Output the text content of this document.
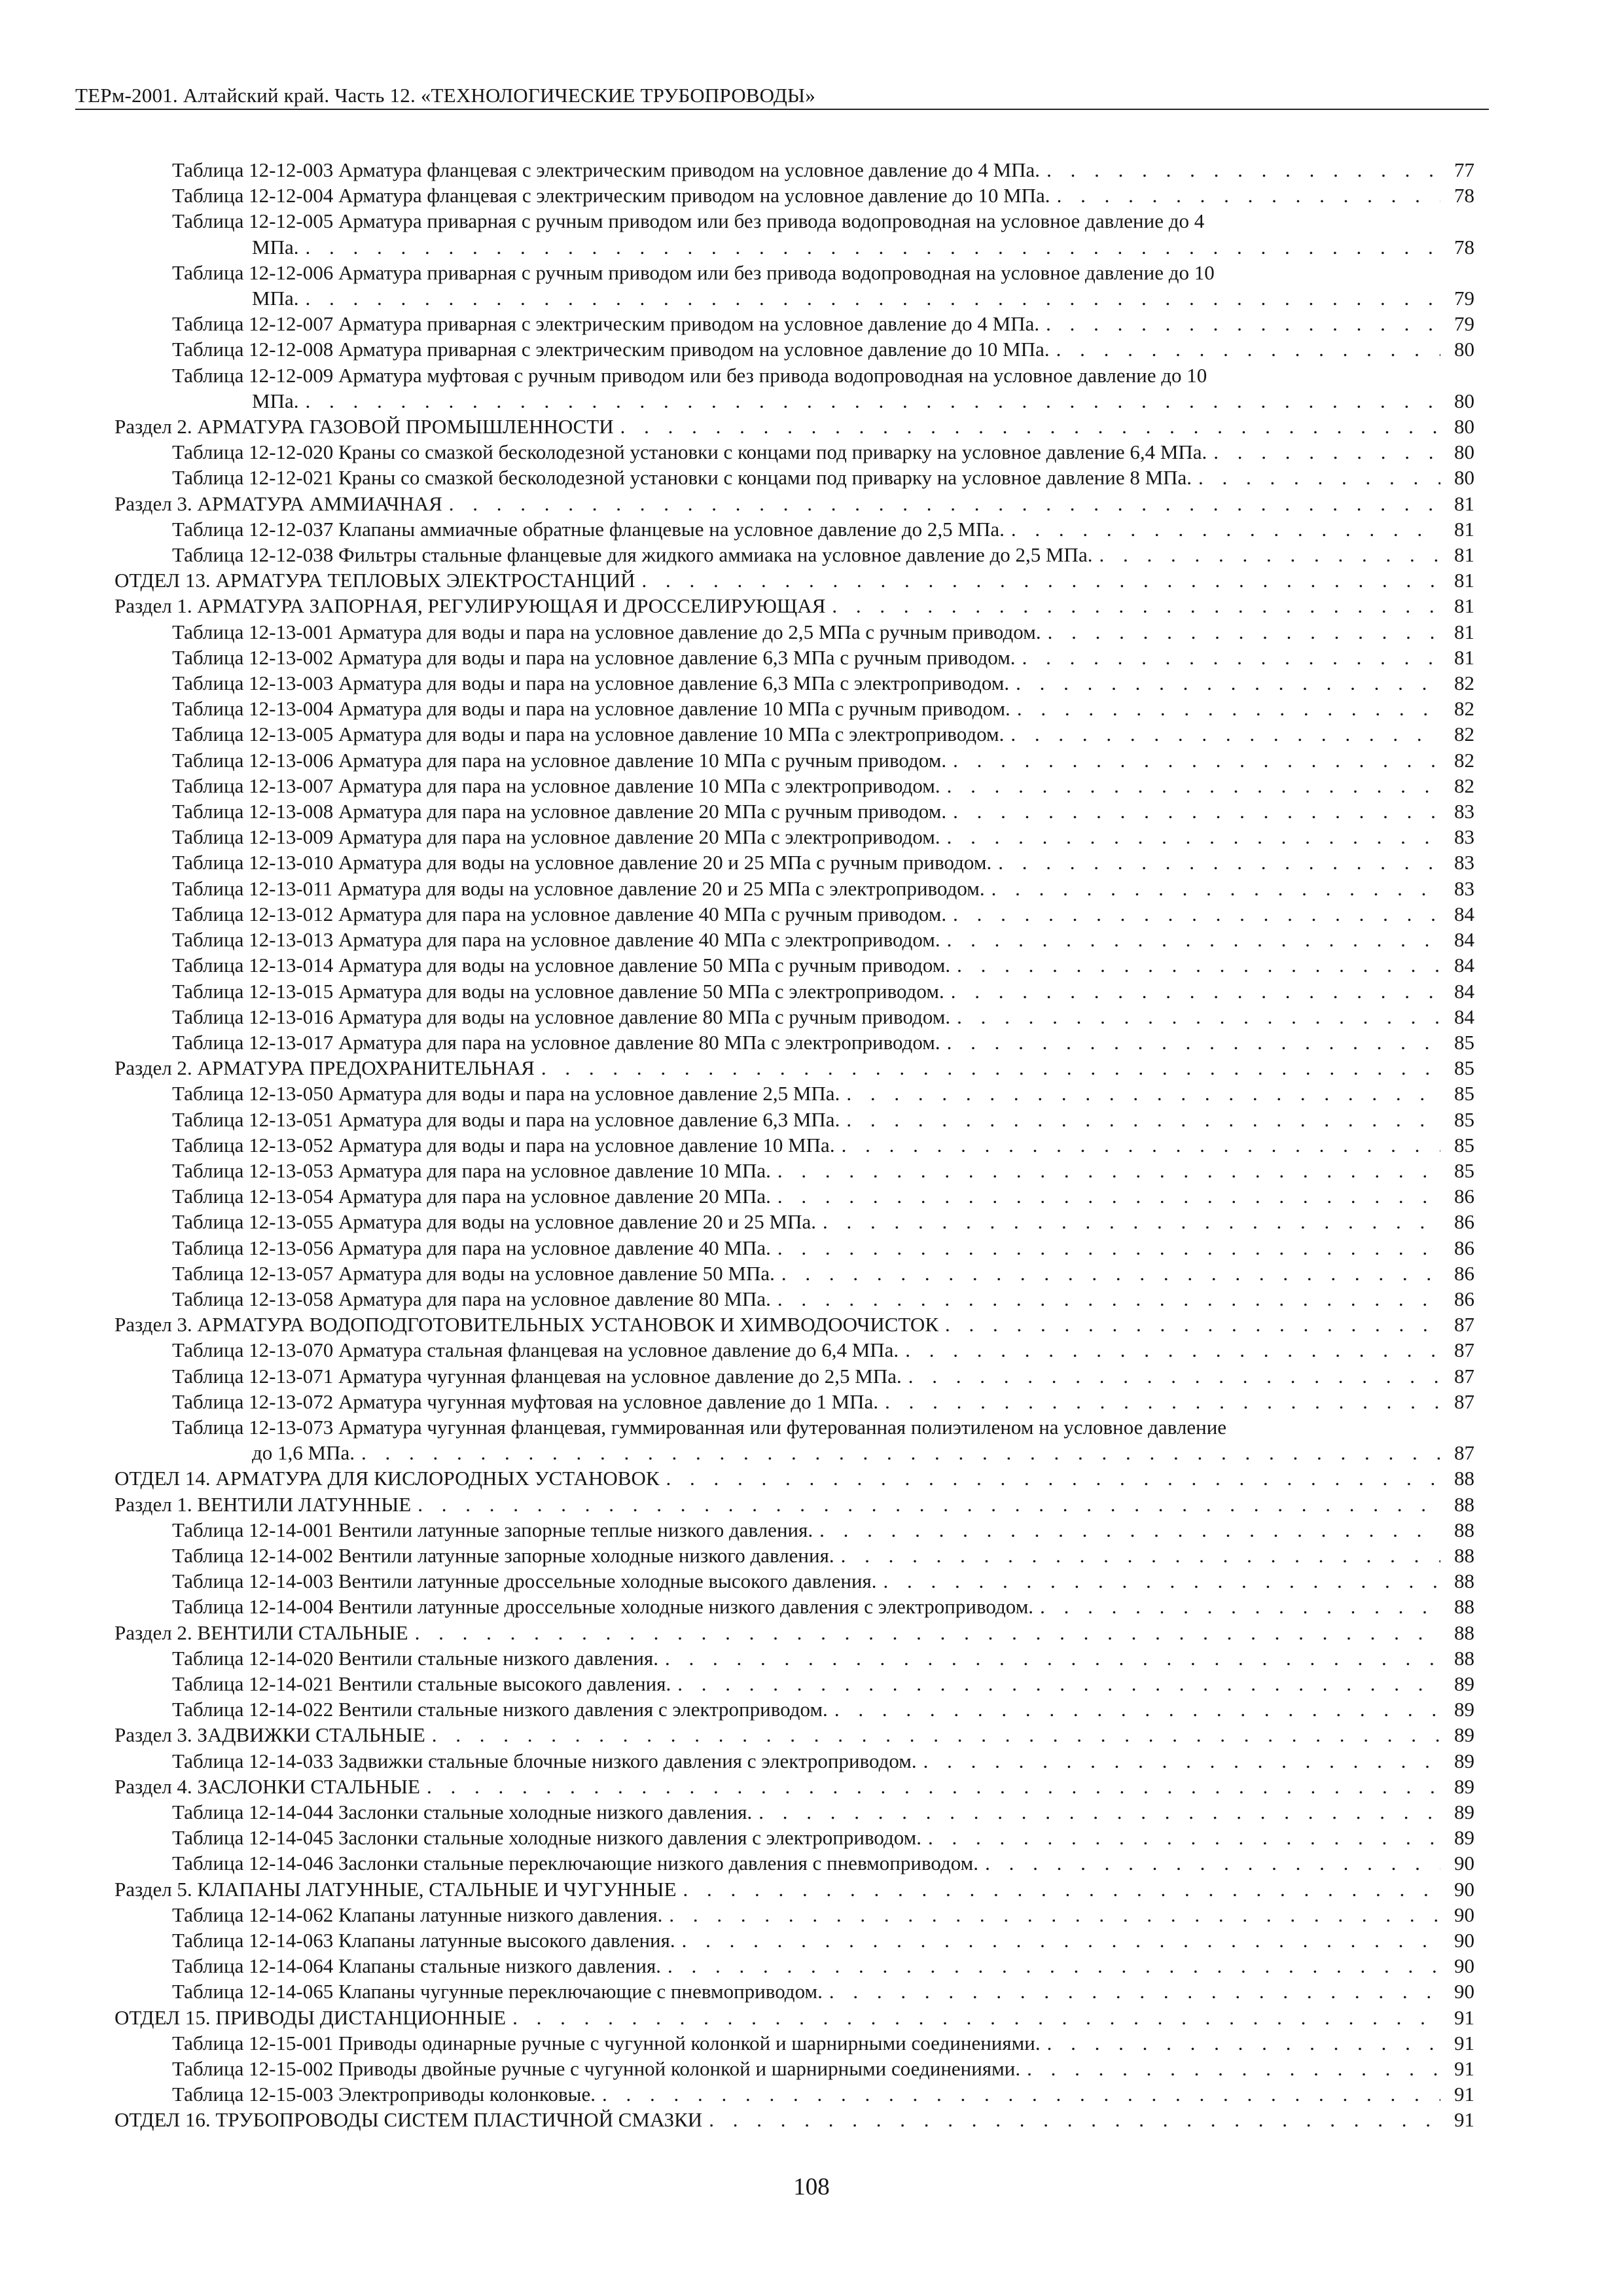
ТЕРм-2001. Алтайский край. Часть 12. «ТЕХНОЛОГИЧЕСКИЕ ТРУБОПРОВОДЫ»
Таблица 12-12-003 Арматура фланцевая с электрическим приводом на условное давление до 4 МПа. . . .	77
Таблица 12-12-004 Арматура фланцевая с электрическим приводом на условное давление до 10 МПа. . . .	78
Таблица 12-12-005 Арматура приварная с ручным приводом или без привода водопроводная на условное давление до 4
МПа. . . .	78
Таблица 12-12-006 Арматура приварная с ручным приводом или без привода водопроводная на условное давление до 10
МПа. . . .	79
Таблица 12-12-007 Арматура приварная с электрическим приводом на условное давление до 4 МПа. . . .	79
Таблица 12-12-008 Арматура приварная с электрическим приводом на условное давление до 10 МПа. . . .	80
Таблица 12-12-009 Арматура муфтовая с ручным приводом или без привода водопроводная на условное давление до 10
МПа. . . .	80
Раздел 2. АРМАТУРА ГАЗОВОЙ ПРОМЫШЛЕННОСТИ . . .	80
Таблица 12-12-020 Краны со смазкой бесколодезной установки с концами под приварку на условное давление 6,4 МПа. . . .	80
Таблица 12-12-021 Краны со смазкой бесколодезной установки с концами под приварку на условное давление 8 МПа. . . .	80
Раздел 3. АРМАТУРА АММИАЧНАЯ . . .	81
Таблица 12-12-037 Клапаны аммиачные обратные фланцевые на условное давление до 2,5 МПа. . . .	81
Таблица 12-12-038 Фильтры стальные фланцевые для жидкого аммиака на условное давление до 2,5 МПа. . . .	81
ОТДЕЛ 13. АРМАТУРА ТЕПЛОВЫХ ЭЛЕКТРОСТАНЦИЙ . . .	81
Раздел 1. АРМАТУРА ЗАПОРНАЯ, РЕГУЛИРУЮЩАЯ И ДРОССЕЛИРУЮЩАЯ . . .	81
Таблица 12-13-001 Арматура для воды и пара на условное давление до 2,5 МПа с ручным приводом. . . .	81
Таблица 12-13-002 Арматура для воды и пара на условное давление 6,3 МПа с ручным приводом. . . .	81
Таблица 12-13-003 Арматура для воды и пара на условное давление 6,3 МПа с электроприводом. . . .	82
Таблица 12-13-004 Арматура для воды и пара на условное давление 10 МПа с ручным приводом. . . .	82
Таблица 12-13-005 Арматура для воды и пара на условное давление 10 МПа с электроприводом. . . .	82
Таблица 12-13-006 Арматура для пара на условное давление 10 МПа с ручным приводом. . . .	82
Таблица 12-13-007 Арматура для пара на условное давление 10 МПа с электроприводом. . . .	82
Таблица 12-13-008 Арматура для пара на условное давление 20 МПа с ручным приводом. . . .	83
Таблица 12-13-009 Арматура для пара на условное давление 20 МПа с электроприводом. . . .	83
Таблица 12-13-010 Арматура для воды на условное давление 20 и 25 МПа с ручным приводом. . . .	83
Таблица 12-13-011 Арматура для воды на условное давление 20 и 25 МПа с электроприводом. . . .	83
Таблица 12-13-012 Арматура для пара на условное давление 40 МПа с ручным приводом. . . .	84
Таблица 12-13-013 Арматура для пара на условное давление 40 МПа с электроприводом. . . .	84
Таблица 12-13-014 Арматура для воды на условное давление 50 МПа с ручным приводом. . . .	84
Таблица 12-13-015 Арматура для воды на условное давление 50 МПа с электроприводом. . . .	84
Таблица 12-13-016 Арматура для воды на условное давление 80 МПа с ручным приводом. . . .	84
Таблица 12-13-017 Арматура для пара на условное давление 80 МПа с электроприводом. . . .	85
Раздел 2. АРМАТУРА ПРЕДОХРАНИТЕЛЬНАЯ . . .	85
Таблица 12-13-050 Арматура для воды и пара на условное давление 2,5 МПа. . . .	85
Таблица 12-13-051 Арматура для воды и пара на условное давление 6,3 МПа. . . .	85
Таблица 12-13-052 Арматура для воды и пара на условное давление 10 МПа. . . .	85
Таблица 12-13-053 Арматура для пара на условное давление 10 МПа. . . .	85
Таблица 12-13-054 Арматура для пара на условное давление 20 МПа. . . .	86
Таблица 12-13-055 Арматура для воды на условное давление 20 и 25 МПа. . . .	86
Таблица 12-13-056 Арматура для пара на условное давление 40 МПа. . . .	86
Таблица 12-13-057 Арматура для воды на условное давление 50 МПа. . . .	86
Таблица 12-13-058 Арматура для пара на условное давление 80 МПа. . . .	86
Раздел 3. АРМАТУРА ВОДОПОДГОТОВИТЕЛЬНЫХ УСТАНОВОК И ХИМВОДООЧИСТОК . . .	87
Таблица 12-13-070 Арматура стальная фланцевая на условное давление до 6,4 МПа. . . .	87
Таблица 12-13-071 Арматура чугунная фланцевая на условное давление до 2,5 МПа. . . .	87
Таблица 12-13-072 Арматура чугунная муфтовая на условное давление до 1 МПа. . . .	87
Таблица 12-13-073 Арматура чугунная фланцевая, гуммированная или футерованная полиэтиленом на условное давление
до 1,6 МПа. . . .	87
ОТДЕЛ 14. АРМАТУРА ДЛЯ КИСЛОРОДНЫХ УСТАНОВОК . . .	88
Раздел 1. ВЕНТИЛИ ЛАТУННЫЕ . . .	88
Таблица 12-14-001 Вентили латунные запорные теплые низкого давления. . . .	88
Таблица 12-14-002 Вентили латунные запорные холодные низкого давления. . . .	88
Таблица 12-14-003 Вентили латунные дроссельные холодные высокого давления. . . .	88
Таблица 12-14-004 Вентили латунные дроссельные холодные низкого давления с электроприводом. . . .	88
Раздел 2. ВЕНТИЛИ СТАЛЬНЫЕ . . .	88
Таблица 12-14-020 Вентили стальные низкого давления. . . .	88
Таблица 12-14-021 Вентили стальные высокого давления. . . .	89
Таблица 12-14-022 Вентили стальные низкого давления с электроприводом. . . .	89
Раздел 3. ЗАДВИЖКИ СТАЛЬНЫЕ . . .	89
Таблица 12-14-033 Задвижки стальные блочные низкого давления с электроприводом. . . .	89
Раздел 4. ЗАСЛОНКИ СТАЛЬНЫЕ . . .	89
Таблица 12-14-044 Заслонки стальные холодные низкого давления. . . .	89
Таблица 12-14-045 Заслонки стальные холодные низкого давления с электроприводом. . . .	89
Таблица 12-14-046 Заслонки стальные переключающие низкого давления с пневмоприводом. . . .	90
Раздел 5. КЛАПАНЫ ЛАТУННЫЕ, СТАЛЬНЫЕ И ЧУГУННЫЕ . . .	90
Таблица 12-14-062 Клапаны латунные низкого давления. . . .	90
Таблица 12-14-063 Клапаны латунные высокого давления. . . .	90
Таблица 12-14-064 Клапаны стальные низкого давления. . . .	90
Таблица 12-14-065 Клапаны чугунные переключающие с пневмоприводом. . . .	90
ОТДЕЛ 15. ПРИВОДЫ ДИСТАНЦИОННЫЕ . . .	91
Таблица 12-15-001 Приводы одинарные ручные с чугунной колонкой и шарнирными соединениями. . . .	91
Таблица 12-15-002 Приводы двойные ручные с чугунной колонкой и шарнирными соединениями. . . .	91
Таблица 12-15-003 Электроприводы колонковые. . . .	91
ОТДЕЛ 16. ТРУБОПРОВОДЫ СИСТЕМ ПЛАСТИЧНОЙ СМАЗКИ . . .	91
108
